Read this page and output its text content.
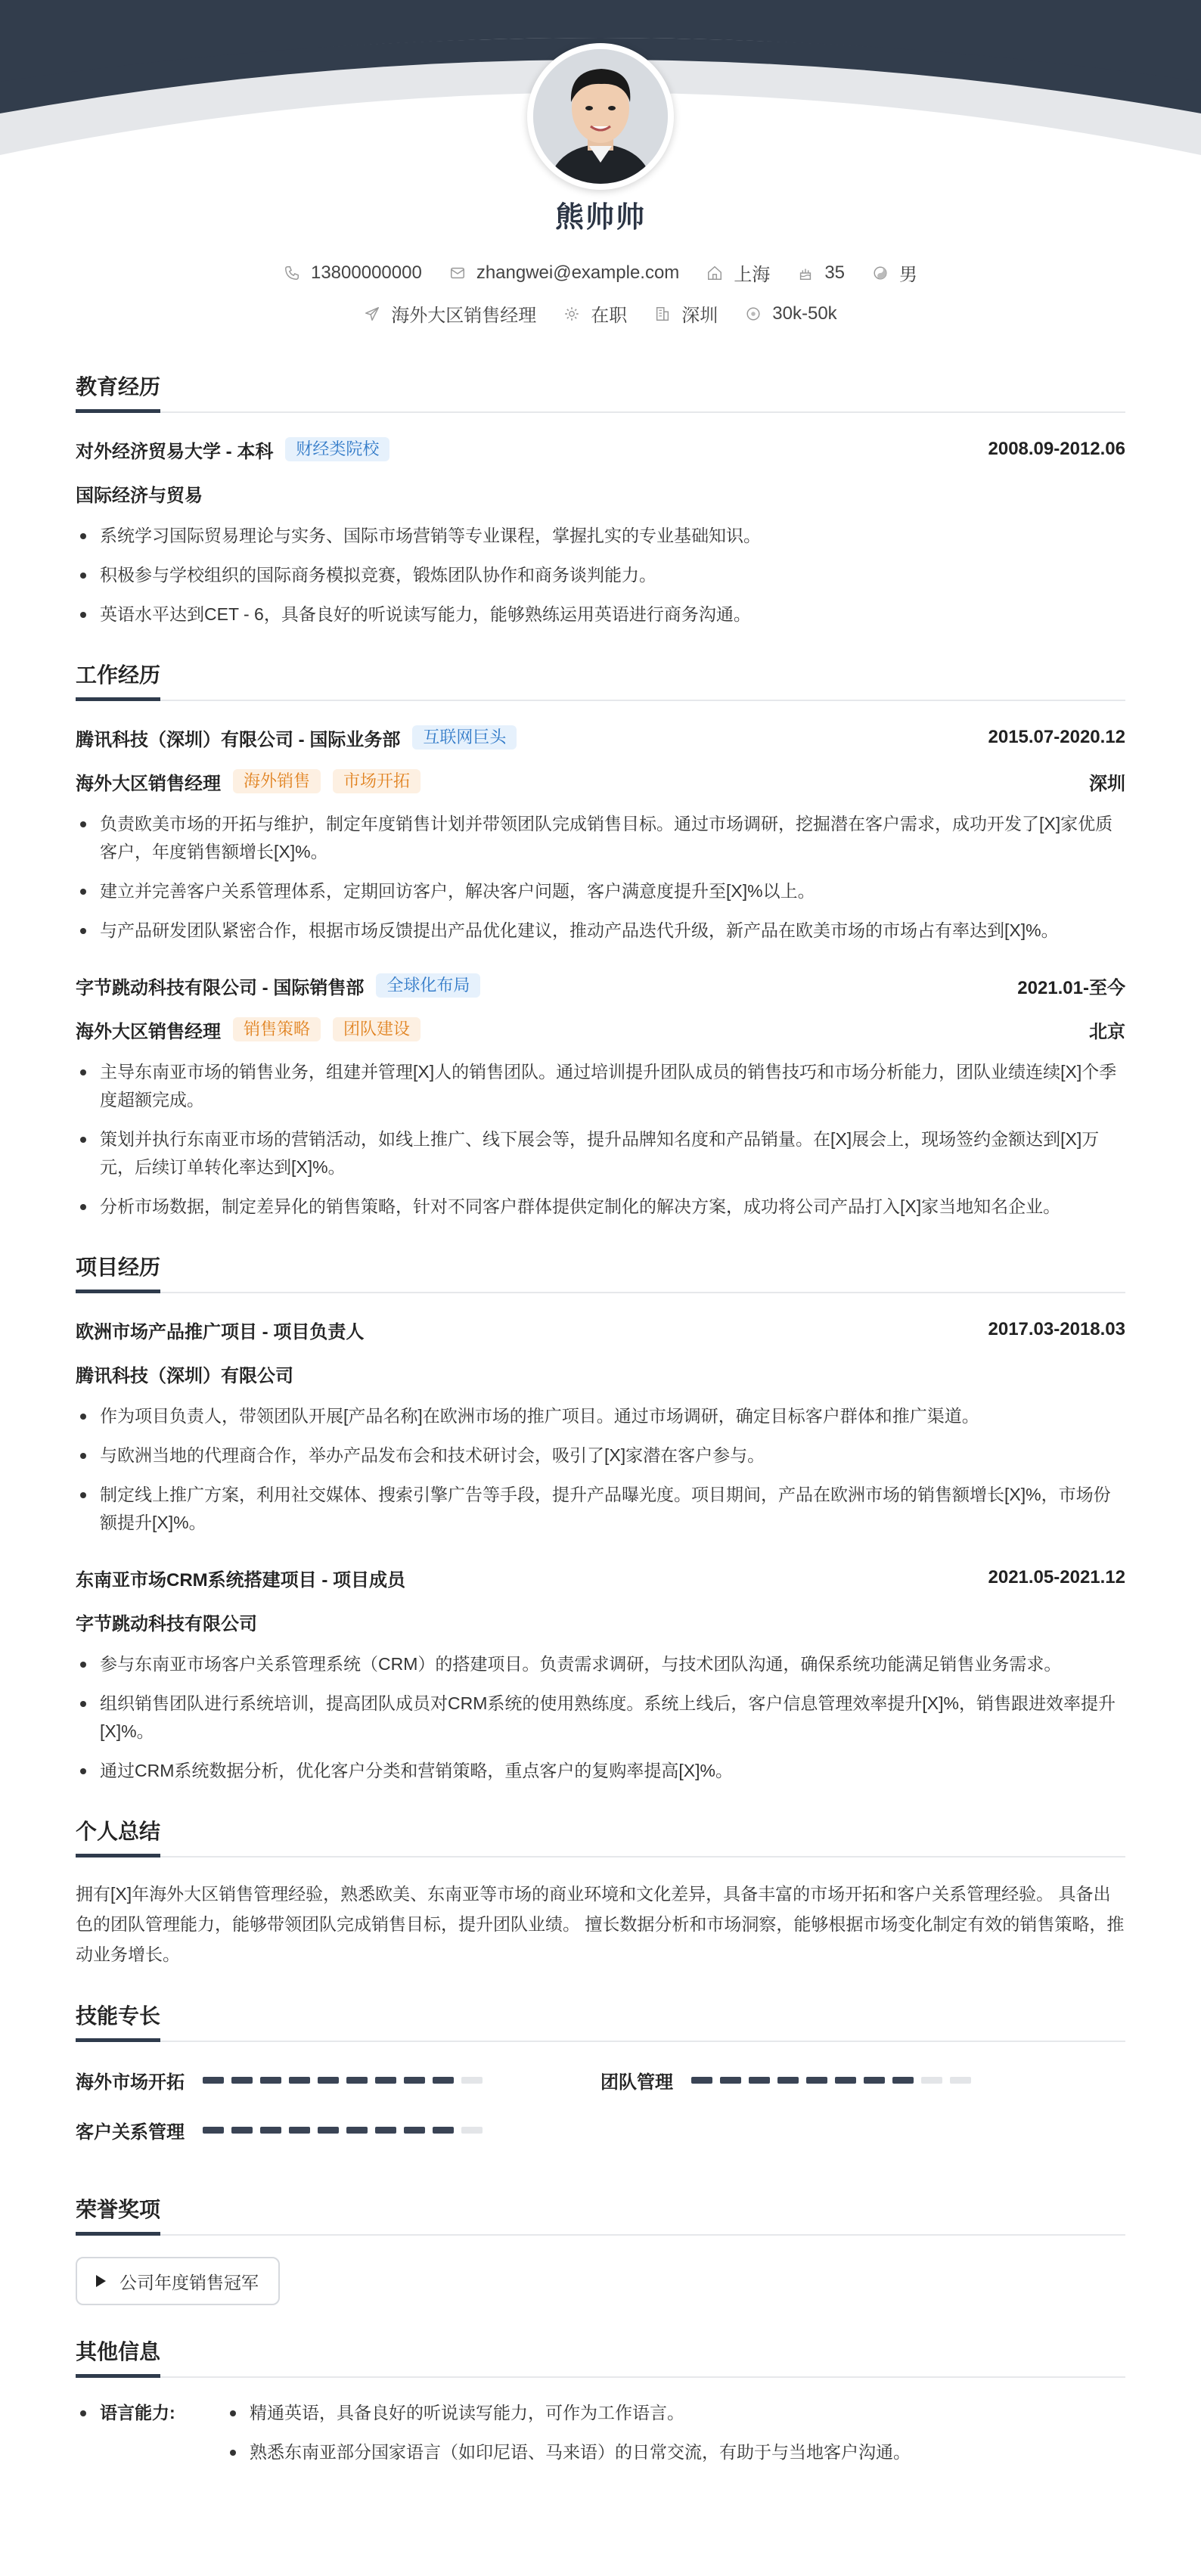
熊帅帅
13800000000	zhangwei@example.com	上海	35	男
海外大区销售经理	在职	深圳	30k-50k
教育经历
对外经济贸易大学 - 本科	财经类院校	2008.09-2012.06
国际经济与贸易
系统学习国际贸易理论与实务、国际市场营销等专业课程，掌握扎实的专业基础知识。
积极参与学校组织的国际商务模拟竞赛，锻炼团队协作和商务谈判能力。
英语水平达到CET - 6，具备良好的听说读写能力，能够熟练运用英语进行商务沟通。
工作经历
腾讯科技（深圳）有限公司 - 国际业务部	互联网巨头	2015.07-2020.12
海外大区销售经理	海外销售	市场开拓	深圳
负责欧美市场的开拓与维护，制定年度销售计划并带领团队完成销售目标。通过市场调研，挖掘潜在客户需求，成功开发了[X]家优质客户，年度销售额增长[X]%。
建立并完善客户关系管理体系，定期回访客户，解决客户问题，客户满意度提升至[X]%以上。
与产品研发团队紧密合作，根据市场反馈提出产品优化建议，推动产品迭代升级，新产品在欧美市场的市场占有率达到[X]%。
字节跳动科技有限公司 - 国际销售部	全球化布局	2021.01-至今
海外大区销售经理	销售策略	团队建设	北京
主导东南亚市场的销售业务，组建并管理[X]人的销售团队。通过培训提升团队成员的销售技巧和市场分析能力，团队业绩连续[X]个季度超额完成。
策划并执行东南亚市场的营销活动，如线上推广、线下展会等，提升品牌知名度和产品销量。在[X]展会上，现场签约金额达到[X]万元，后续订单转化率达到[X]%。
分析市场数据，制定差异化的销售策略，针对不同客户群体提供定制化的解决方案，成功将公司产品打入[X]家当地知名企业。
项目经历
欧洲市场产品推广项目 - 项目负责人	2017.03-2018.03
腾讯科技（深圳）有限公司
作为项目负责人，带领团队开展[产品名称]在欧洲市场的推广项目。通过市场调研，确定目标客户群体和推广渠道。
与欧洲当地的代理商合作，举办产品发布会和技术研讨会，吸引了[X]家潜在客户参与。
制定线上推广方案，利用社交媒体、搜索引擎广告等手段，提升产品曝光度。项目期间，产品在欧洲市场的销售额增长[X]%，市场份额提升[X]%。
东南亚市场CRM系统搭建项目 - 项目成员	2021.05-2021.12
字节跳动科技有限公司
参与东南亚市场客户关系管理系统（CRM）的搭建项目。负责需求调研，与技术团队沟通，确保系统功能满足销售业务需求。
组织销售团队进行系统培训，提高团队成员对CRM系统的使用熟练度。系统上线后，客户信息管理效率提升[X]%，销售跟进效率提升[X]%。
通过CRM系统数据分析，优化客户分类和营销策略，重点客户的复购率提高[X]%。
个人总结

拥有[X]年海外大区销售管理经验，熟悉欧美、东南亚等市场的商业环境和文化差异，具备丰富的市场开拓和客户关系管理经验。 具备出色的团队管理能力，能够带领团队完成销售目标，提升团队业绩。 擅长数据分析和市场洞察，能够根据市场变化制定有效的销售策略，推动业务增长。

技能专长
海外市场开拓	团队管理
客户关系管理
荣誉奖项
公司年度销售冠军
其他信息
语言能力:	精通英语，具备良好的听说读写能力，可作为工作语言。
熟悉东南亚部分国家语言（如印尼语、马来语）的日常交流，有助于与当地客户沟通。
